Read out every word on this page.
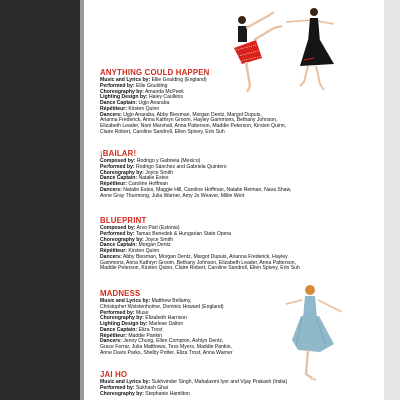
ANYTHING COULD HAPPEN
Music and Lyrics by: Ellie Goulding (England)
Performed by: Ellie Goulding
Choreography by: Amanda McPeek
Lighting Design by: Haley Caulkins
Dance Captain: Ugjo Anaraba
Répétiteur: Kirsten Quinn
Dancers: Ugjo Anaraba, Abby Biesman, Morgan Dentz, Margot Dupuis,
Arianna Frederick, Anna Kathryn Groom, Hayley Gammons, Bethany Johnson,
Elizabeth Leader, Noni Marshall, Anna Patterson, Maddie Peterson, Kirsten Quinn,
Claire Robert, Caroline Sandrell, Ellen Spivey, Erin Suh
¡BAILAR!
Composed by: Rodrigo y Gabriela (Mexico)
Performed by: Rodrigo Sánchez and Gabriela Quintero
Choreography by: Joyce Smith
Dance Captain: Natalie Estes
Répétiteur: Caroline Hoffman
Dancers: Natalie Estes, Maggie Hill, Caroline Hoffman, Natalie Reiman, Nava Shaw,
Anne Gray Thurmong, Julia Warner, Amy Jo Weaver, Millie Wert
BLUEPRINT
Composed by: Arvo Pärt (Estonia)
Performed by: Tamas Benedek & Hungarian State Opera
Choreography by: Joyce Smith
Dance Captain: Morgan Dentz
Répétiteur: Kirsten Quinn
Dancers: Abby Biesman, Morgan Dentz, Margot Dupuis, Arianna Frederick, Hayley
Gammons, Anna Kathryn Groom, Bethany Johnson, Elizabeth Leader, Anna Patterson,
Maddie Peterson, Kirsten Quinn, Claire Robert, Caroline Sandrell, Ellen Spivey, Erin Suh
MADNESS
Music and Lyrics by: Matthew Bellamy,
Christopher Wolstenholme, Dominic Howard (England)
Performed by: Muse
Choreography by: Elizabeth Harrison
Lighting Design by: Marlese Dalton
Dance Captain: Eliza Trost
Répétiteur: Maddie Pankin
Dancers: Jenny Chung, Ellen Compton, Ashlyn Dentz,
Grace Ferrar, Julia Matthews, Tess Myers, Maddie Pankin,
Anne Davis Parks, Shelby Potter, Eliza Trost, Anna Warner
JAI HO
Music and Lyrics by: Sukhvinder Singh, Mahalaxmi Iyer and Vijay Prakash (India)
Performed by: Sukhash Ghai
Choreography by: Stephanie Hamilton
